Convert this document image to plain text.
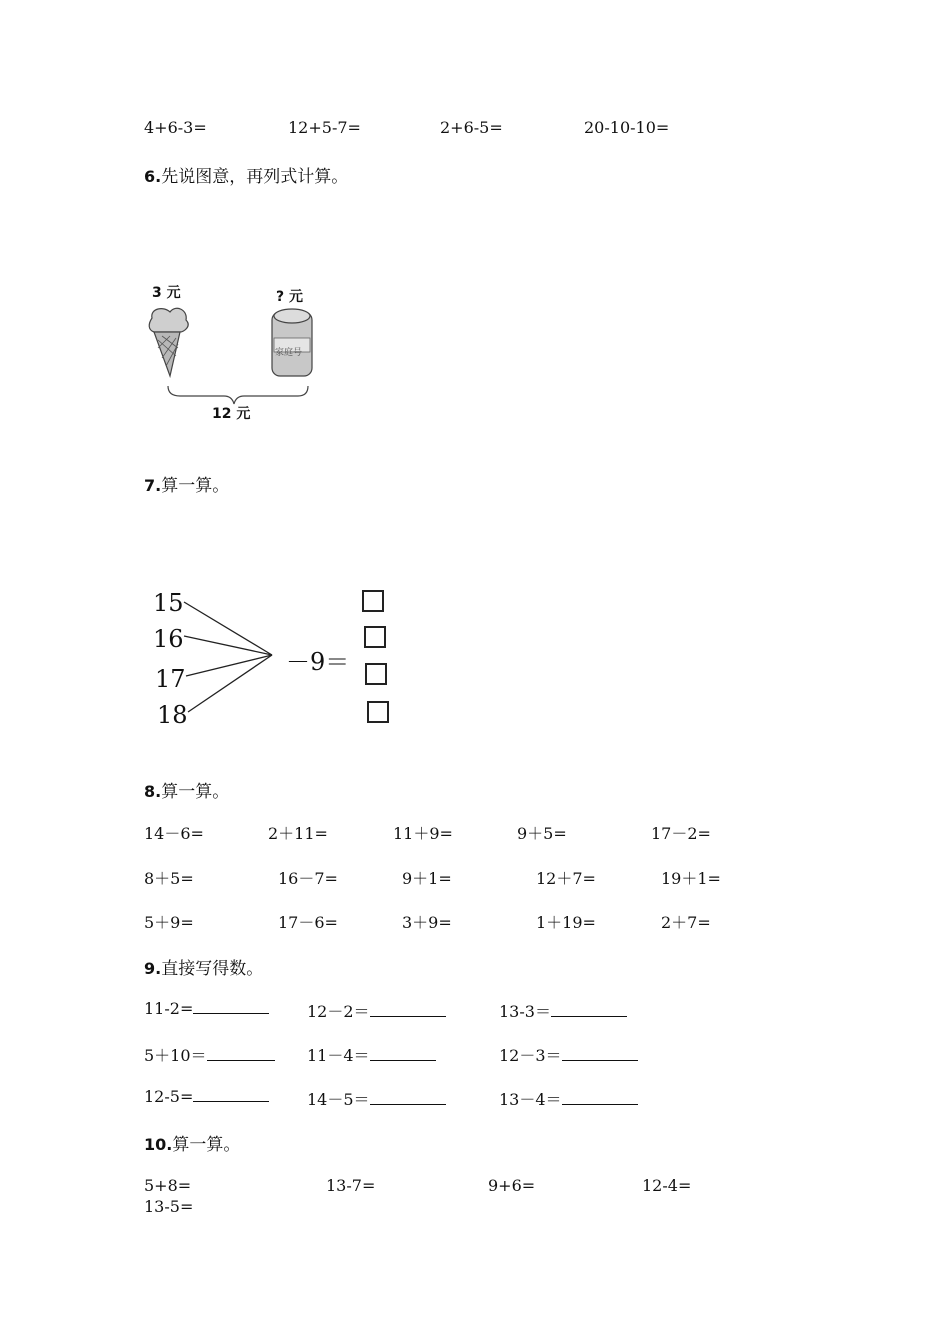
4+6-3=	12+5-7=	2+6-5=	20-10-10=
6.先说图意，再列式计算。
3 元	? 元
家庭号
12 元
7.算一算。
15
16
17
18
－9＝
8.算一算。
14－6=	2＋11=	11＋9=	9＋5=	17－2=
8＋5=	16－7=	9＋1=	12＋7=	19＋1=
5＋9=	17－6=	3＋9=	1＋19=	2＋7=
9.直接写得数。
11-2=	12－2＝	13-3＝
5＋10＝	11－4＝	12－3＝
12-5=	14－5＝	13－4＝
10.算一算。
5+8=	13-7=	9+6=	12-4=
13-5=
